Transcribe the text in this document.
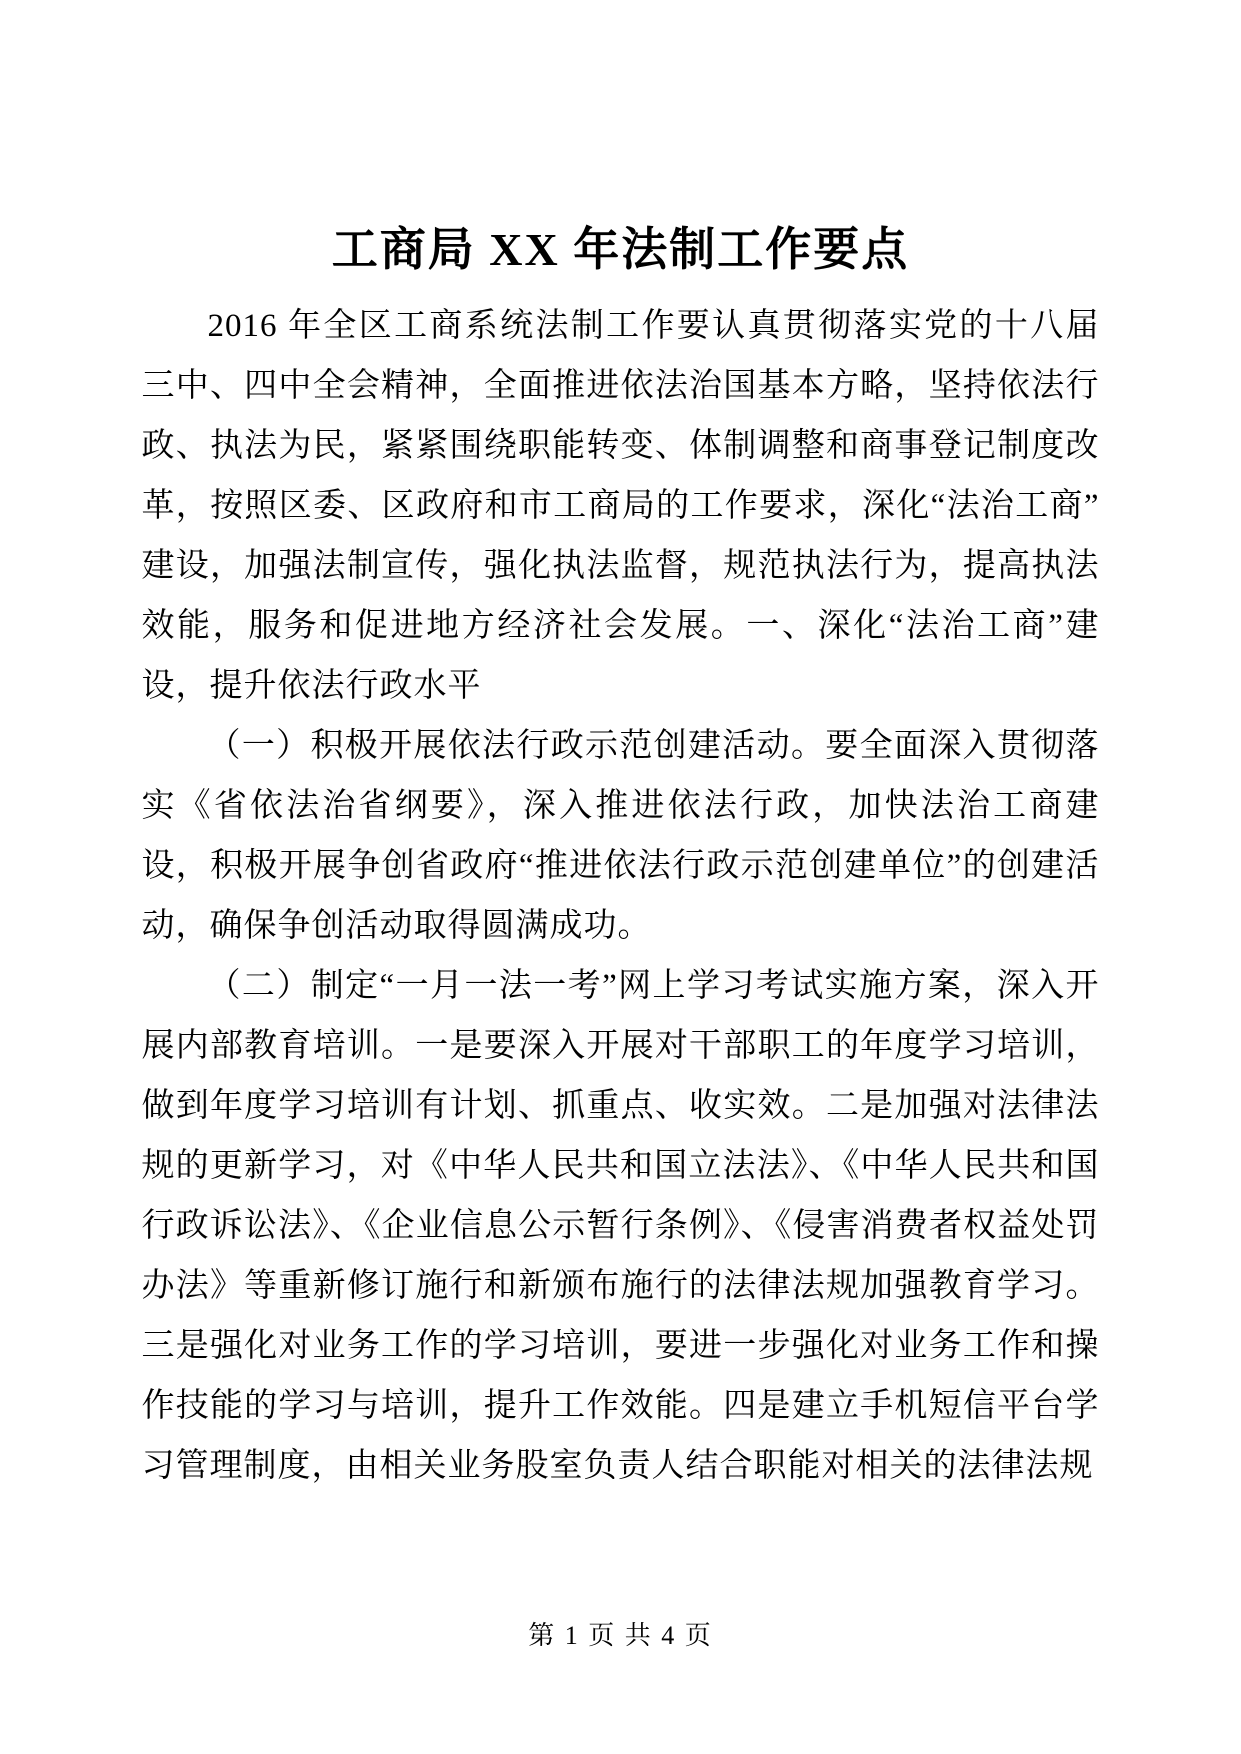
工商局 XX 年法制工作要点

2016 年全区工商系统法制工作要认真贯彻落实党的十八届三中、四中全会精神，全面推进依法治国基本方略，坚持依法行政、执法为民，紧紧围绕职能转变、体制调整和商事登记制度改革，按照区委、区政府和市工商局的工作要求，深化“法治工商”建设，加强法制宣传，强化执法监督，规范执法行为，提高执法效能，服务和促进地方经济社会发展。一、深化“法治工商”建设，提升依法行政水平

（一）积极开展依法行政示范创建活动。要全面深入贯彻落实《省依法治省纲要》，深入推进依法行政，加快法治工商建设，积极开展争创省政府“推进依法行政示范创建单位”的创建活动，确保争创活动取得圆满成功。

（二）制定“一月一法一考”网上学习考试实施方案，深入开展内部教育培训。一是要深入开展对干部职工的年度学习培训，做到年度学习培训有计划、抓重点、收实效。二是加强对法律法规的更新学习，对《中华人民共和国立法法》、《中华人民共和国行政诉讼法》、《企业信息公示暂行条例》、《侵害消费者权益处罚办法》等重新修订施行和新颁布施行的法律法规加强教育学习。三是强化对业务工作的学习培训，要进一步强化对业务工作和操作技能的学习与培训，提升工作效能。四是建立手机短信平台学习管理制度，由相关业务股室负责人结合职能对相关的法律法规

第 1 页 共 4 页
